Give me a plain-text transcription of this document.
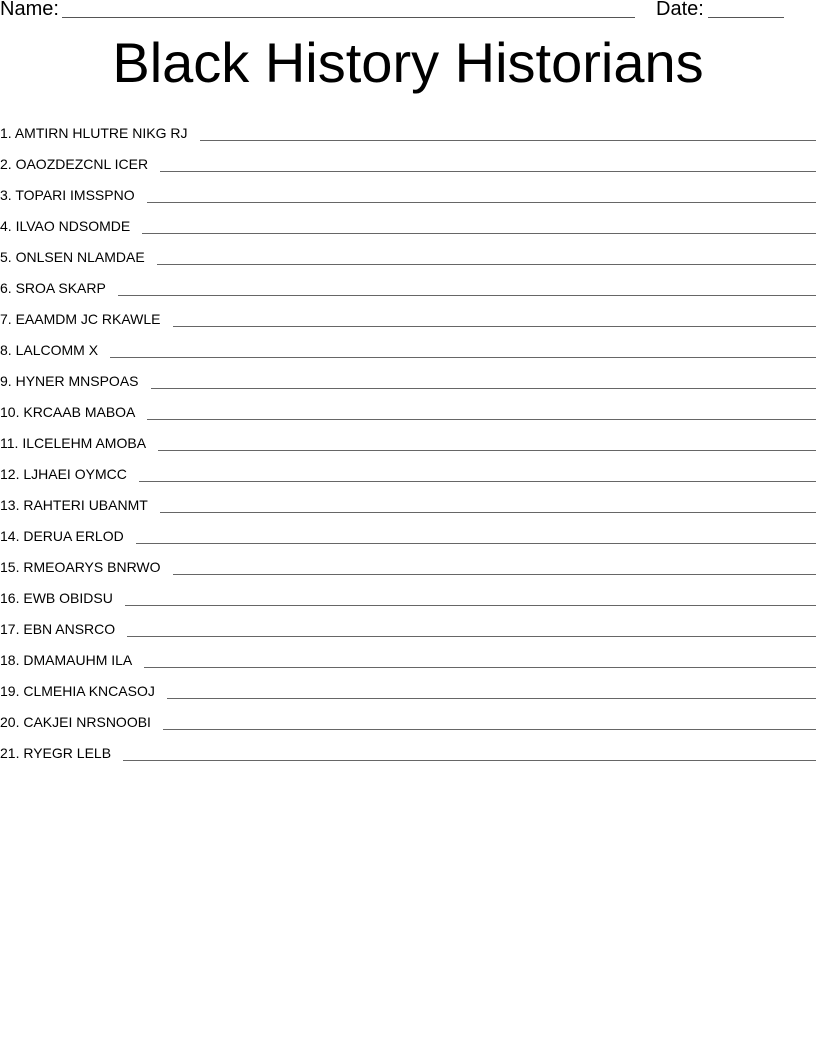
Name:	Date:
Black History Historians
1. AMTIRN HLUTRE NIKG RJ
2. OAOZDEZCNL ICER
3. TOPARI IMSSPNO
4. ILVAO NDSOMDE
5. ONLSEN NLAMDAE
6. SROA SKARP
7. EAAMDM JC RKAWLE
8. LALCOMM X
9. HYNER MNSPOAS
10. KRCAAB MABOA
11. ILCELEHM AMOBA
12. LJHAEI OYMCC
13. RAHTERI UBANMT
14. DERUA ERLOD
15. RMEOARYS BNRWO
16. EWB OBIDSU
17. EBN ANSRCO
18. DMAMAUHM ILA
19. CLMEHIA KNCASOJ
20. CAKJEI NRSNOOBI
21. RYEGR LELB
